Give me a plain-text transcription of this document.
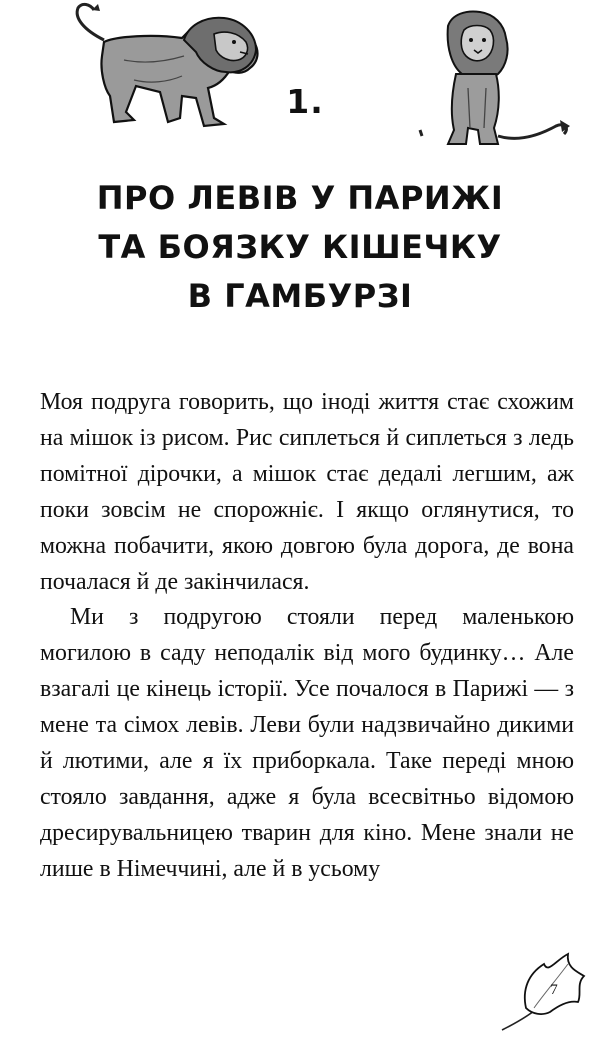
1.
ПРО ЛЕВІВ У ПАРИЖІ
ТА БОЯЗКУ КІШЕЧКУ
В ГАМБУРЗІ

Моя подруга говорить, що іноді життя стає схожим на мішок із рисом. Рис сиплеться й сиплеться з ледь помітної дірочки, а мішок стає дедалі легшим, аж поки зовсім не спорожніє. І якщо оглянутися, то можна побачити, якою довгою була дорога, де вона почалася й де закінчилася.

Ми з подругою стояли перед маленькою могилою в саду неподалік від мого будинку… Але взагалі це кінець історії. Усе почалося в Парижі — з мене та сімох левів. Леви були надзвичайно дикими й лютими, але я їх приборкала. Таке переді мною стояло завдання, адже я була всесвітньо відомою дресирувальницею тварин для кіно. Мене знали не лише в Німеччині, але й в усьому

7
